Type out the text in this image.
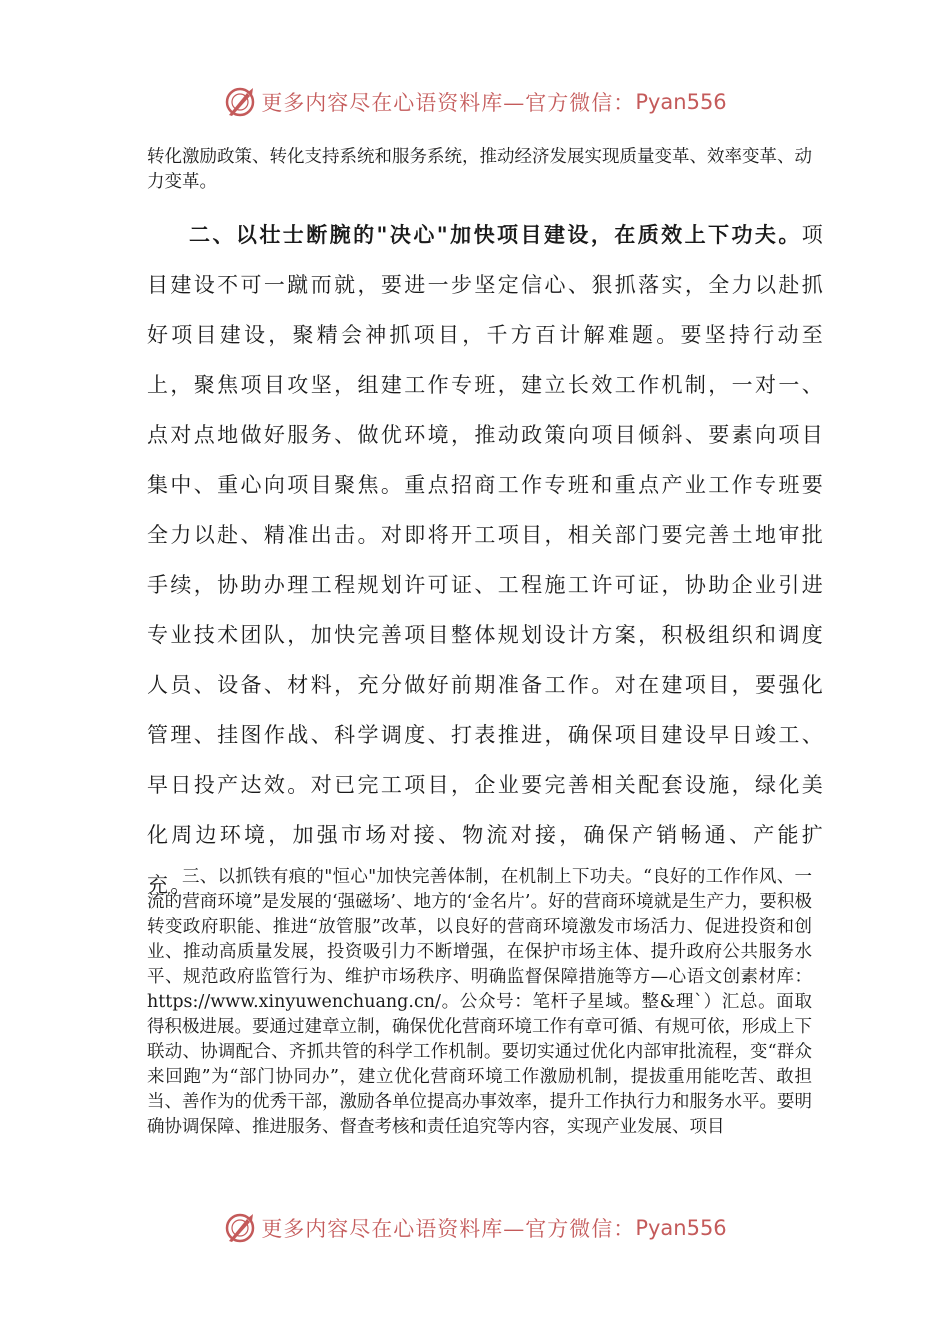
更多内容尽在心语资料库—官方微信： Pyan556

转化激励政策、转化支持系统和服务系统，推动经济发展实现质量变革、效率变革、动力变革。

二、以壮士断腕的"决心"加快项目建设，在质效上下功夫。项目建设不可一蹴而就，要进一步坚定信心、狠抓落实，全力以赴抓好项目建设，聚精会神抓项目，千方百计解难题。要坚持行动至上，聚焦项目攻坚，组建工作专班，建立长效工作机制，一对一、点对点地做好服务、做优环境，推动政策向项目倾斜、要素向项目集中、重心向项目聚焦。重点招商工作专班和重点产业工作专班要全力以赴、精准出击。对即将开工项目，相关部门要完善土地审批手续，协助办理工程规划许可证、工程施工许可证，协助企业引进专业技术团队，加快完善项目整体规划设计方案，积极组织和调度人员、设备、材料，充分做好前期准备工作。对在建项目，要强化管理、挂图作战、科学调度、打表推进，确保项目建设早日竣工、早日投产达效。对已完工项目，企业要完善相关配套设施，绿化美化周边环境，加强市场对接、物流对接，确保产销畅通、产能扩充。

三、以抓铁有痕的"恒心"加快完善体制，在机制上下功夫。“良好的工作作风、一流的营商环境”是发展的‘强磁场’、地方的‘金名片’。好的营商环境就是生产力，要积极转变政府职能、推进“放管服”改革，以良好的营商环境激发市场活力、促进投资和创业、推动高质量发展，投资吸引力不断增强，在保护市场主体、提升政府公共服务水平、规范政府监管行为、维护市场秩序、明确监督保障措施等方—心语文创素材库：https://www.xinyuwenchuang.cn/。公众号：笔杆子星域。整&理`）汇总。面取得积极进展。要通过建章立制，确保优化营商环境工作有章可循、有规可依，形成上下联动、协调配合、齐抓共管的科学工作机制。要切实通过优化内部审批流程，变“群众来回跑”为“部门协同办”，建立优化营商环境工作激励机制，提拔重用能吃苦、敢担当、善作为的优秀干部，激励各单位提高办事效率，提升工作执行力和服务水平。要明确协调保障、推进服务、督查考核和责任追究等内容，实现产业发展、项目

更多内容尽在心语资料库—官方微信： Pyan556
